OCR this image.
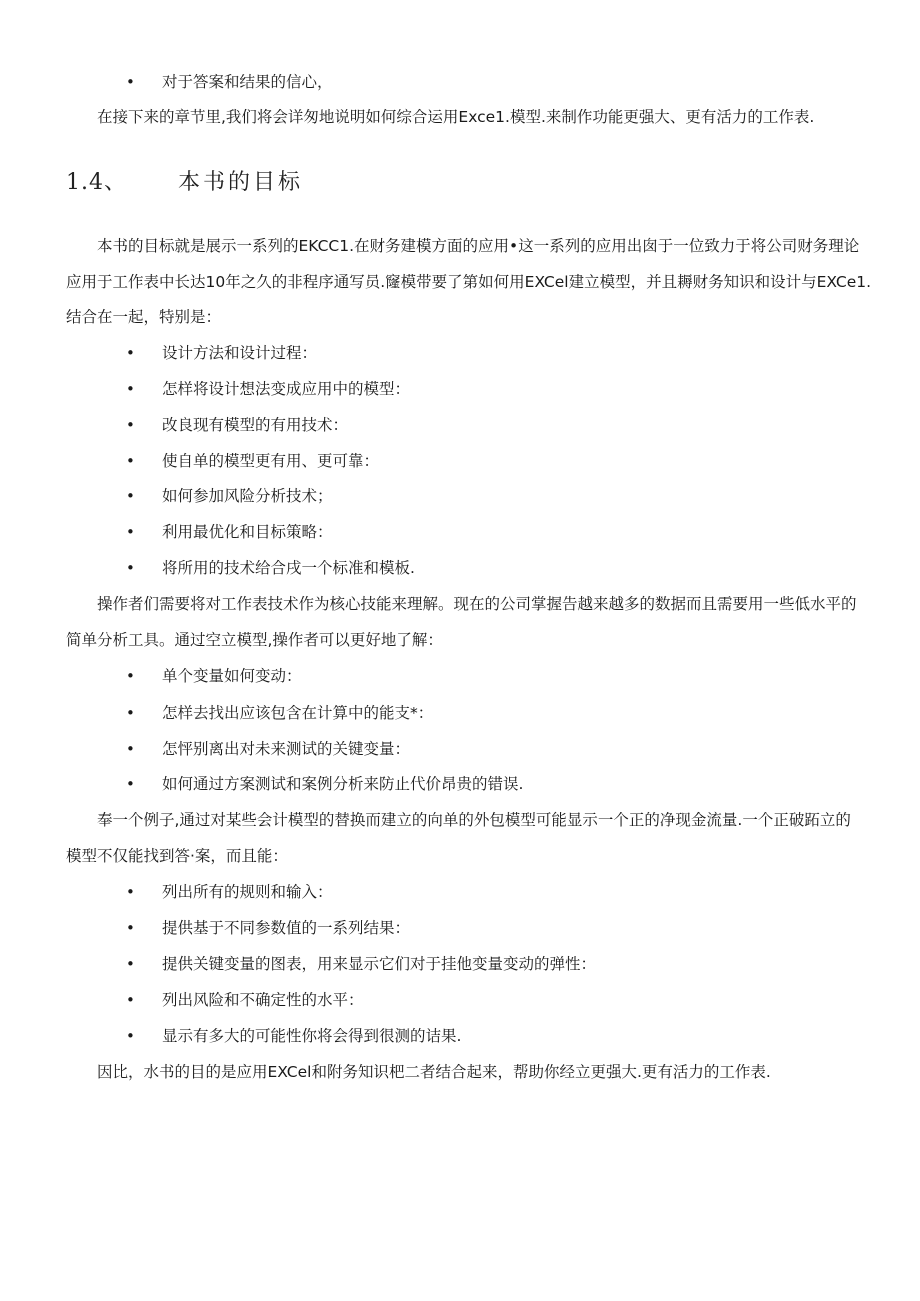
• 对于答案和结果的信心，
在接下来的章节里,我们将会详匆地说明如何综合运用Exce1.模型.来制作功能更强大、更有活力的工作表.
1.4、 本书的目标
本书的目标就是展示一系列的EKCC1.在财务建模方面的应用•这一系列的应用出囱于一位致力于将公司财务理论
应用于工作表中长达10年之久的非程序通写员.窿模带要了第如何用EXCel建立模型，并且耨财务知识和设计与EXCe1.
结合在一起，特别是：
• 设计方法和设计过程：
• 怎样将设计想法变成应用中的模型：
• 改良现有模型的有用技术：
• 使自单的模型更有用、更可靠：
• 如何参加风险分析技术；
• 利用最优化和目标策略：
• 将所用的技术给合戌一个标准和模板.
操作者们需要将对工作表技术作为核心技能来理解。现在的公司掌握告越来越多的数据而且需要用一些低水平的
简单分析工具。通过空立模型,操作者可以更好地了解：
• 单个变量如何变动：
• 怎样去找出应该包含在计算中的能支*：
• 怎怦别离出对未来测试的关键变量：
• 如何通过方案测试和案例分析来防止代价昂贵的错误.
奉一个例子,通过对某些会计模型的替换而建立的向单的外包模型可能显示一个正的净现金流量.一个正破跖立的
模型不仅能找到答·案，而且能：
• 列出所有的规则和输入：
• 提供基于不同参数值的一系列结果：
• 提供关键变量的图表，用来显示它们对于挂他变量变动的弹性：
• 列出风险和不确定性的水平：
• 显示有多大的可能性你将会得到很测的诘果.
因比，水书的目的是应用EXCel和附务知识杷二者结合起来，帮助你经立更强大.更有活力的工作表.
